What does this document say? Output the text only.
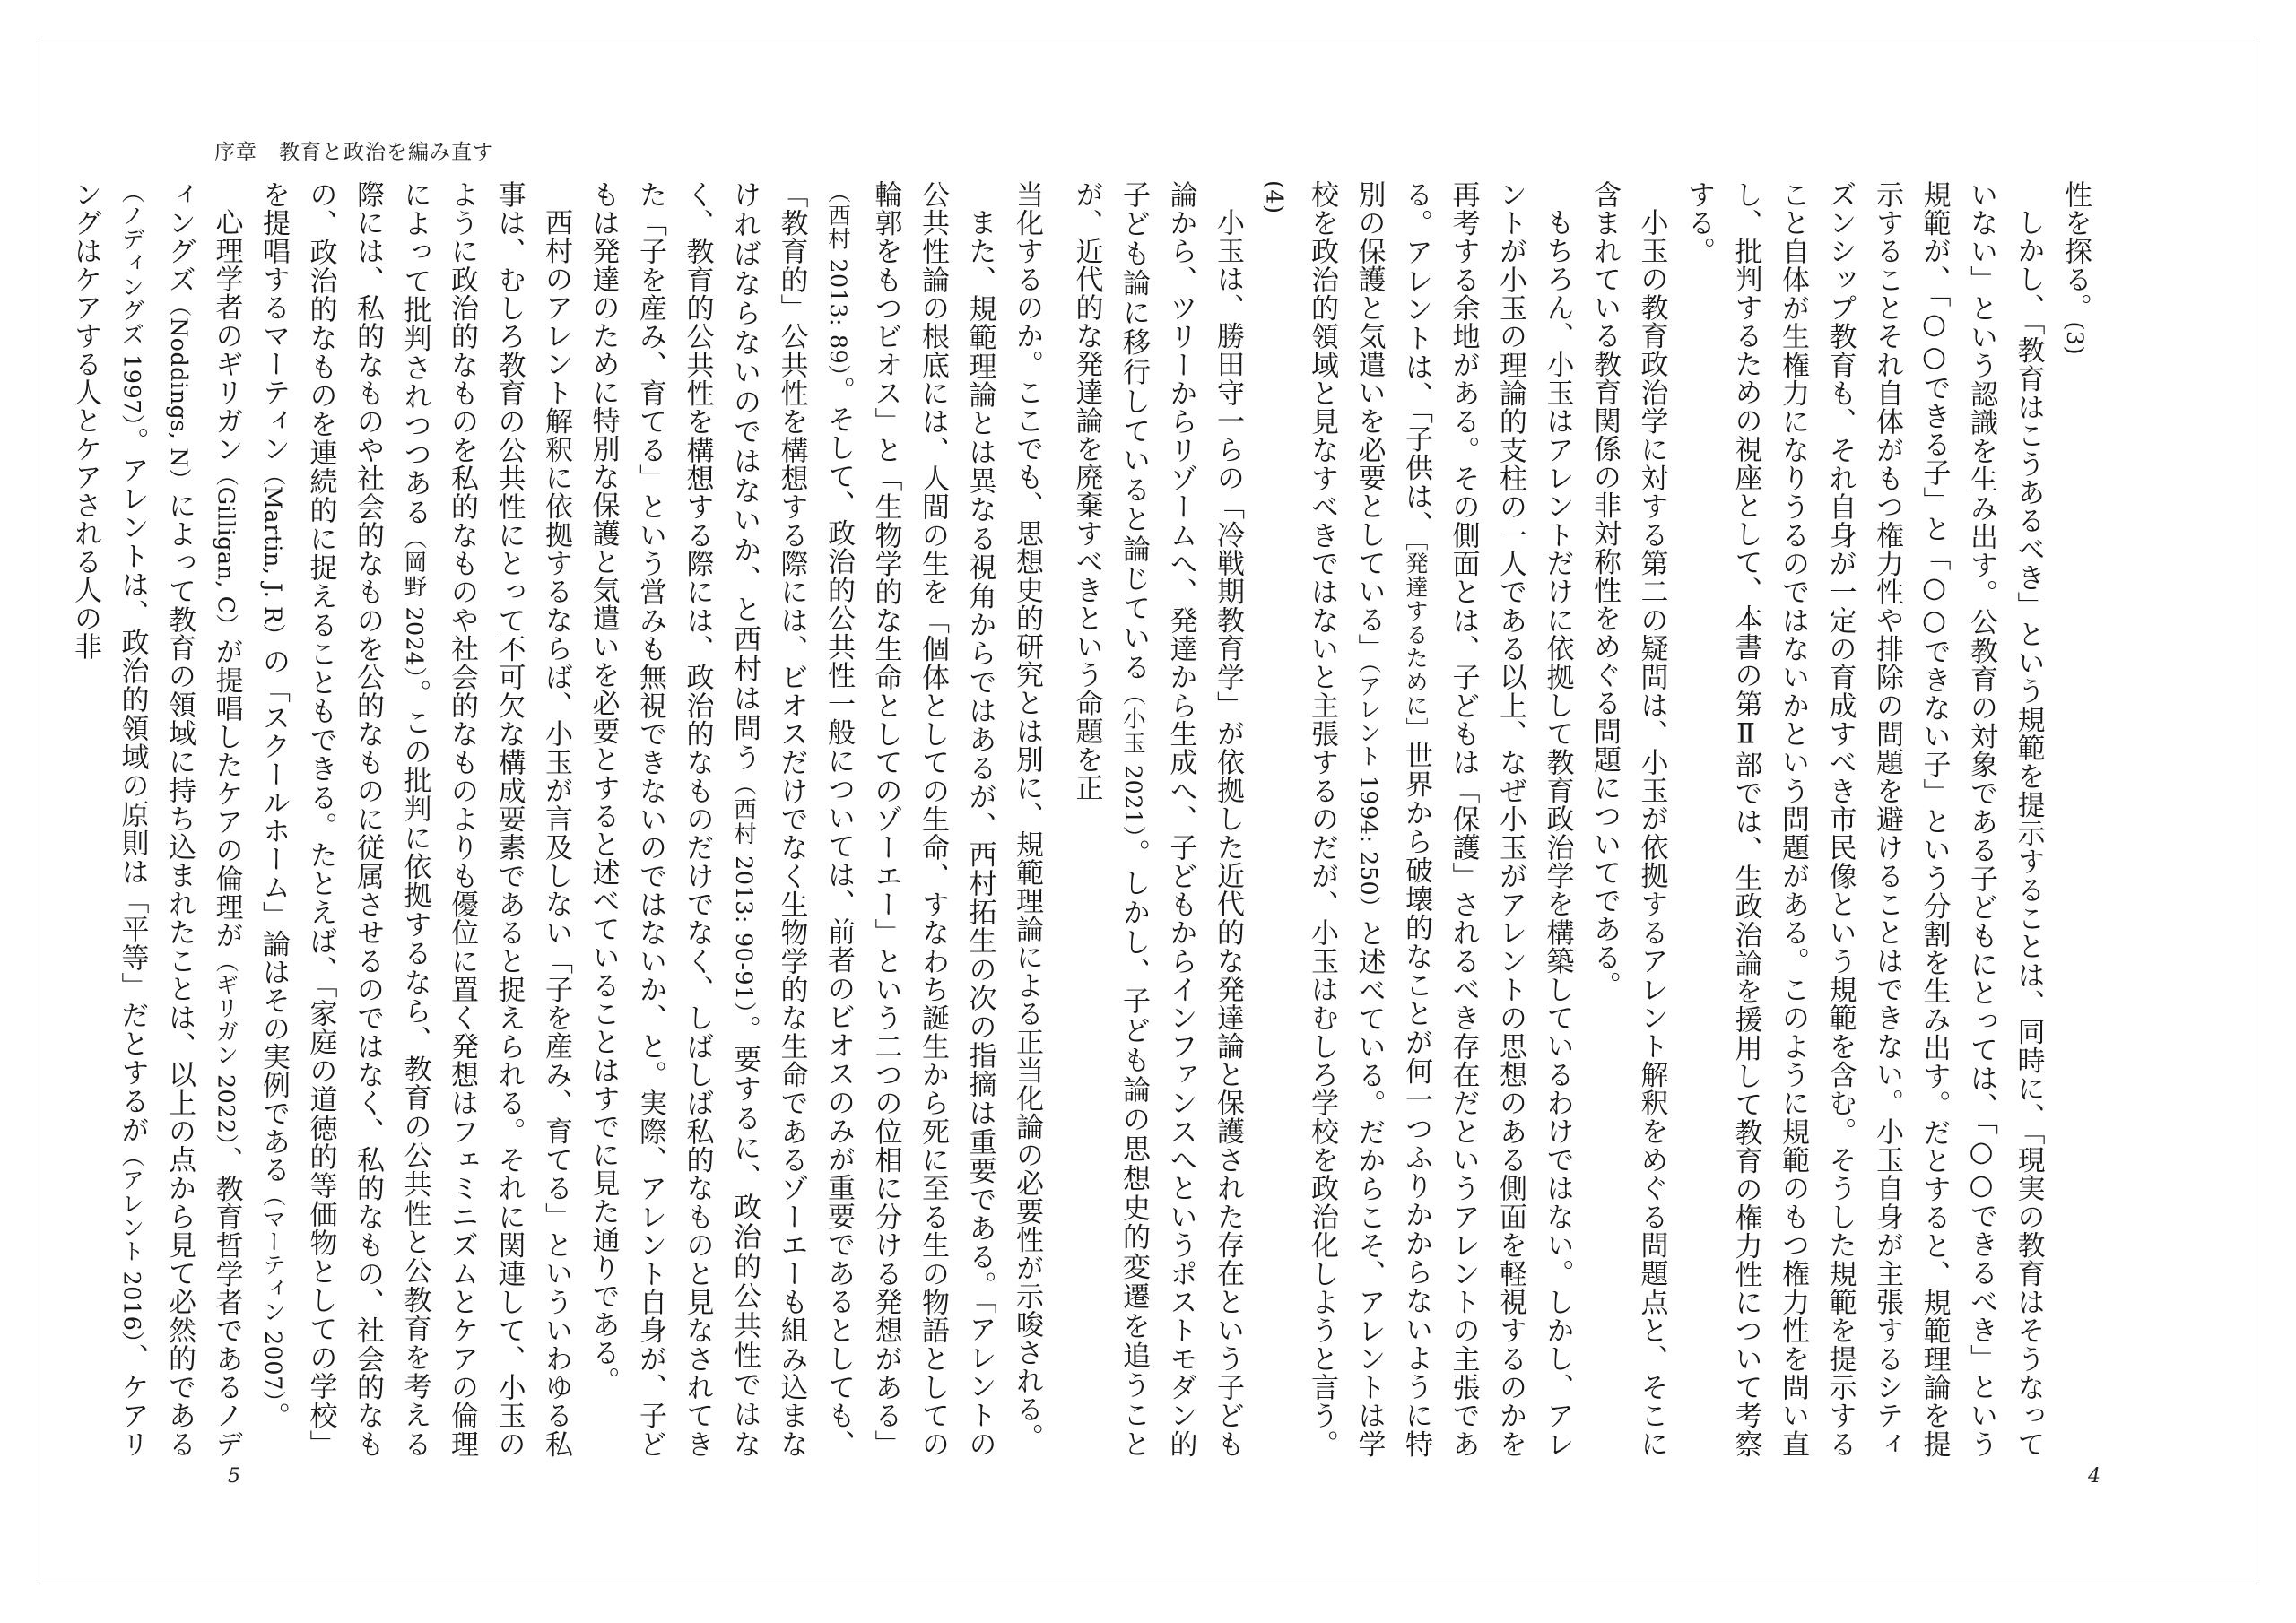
序章　教育と政治を編み直す

当化するのか。ここでも、思想史的研究とは別に、規範理論による正当化論の必要性が示唆される。

また、規範理論とは異なる視角からではあるが、西村拓生の次の指摘は重要である。「アレントの公共性論の根底には、人間の生を「個体としての生命、すなわち誕生から死に至る生の物語としての輪郭をもつビオス」と「生物学的な生命としてのゾーエー」という二つの位相に分ける発想がある」（西村 2013: 89）。そして、政治的公共性一般については、前者のビオスのみが重要であるとしても、「教育的」公共性を構想する際には、ビオスだけでなく生物学的な生命であるゾーエーも組み込まなければならないのではないか、と西村は問う（西村 2013: 90-91）。要するに、政治的公共性ではなく、教育的公共性を構想する際には、政治的なものだけでなく、しばしば私的なものと見なされてきた「子を産み、育てる」という営みも無視できないのではないか、と。実際、アレント自身が、子どもは発達のために特別な保護と気遣いを必要とすると述べていることはすでに見た通りである。

西村のアレント解釈に依拠するならば、小玉が言及しない「子を産み、育てる」といういわゆる私事は、むしろ教育の公共性にとって不可欠な構成要素であると捉えられる。それに関連して、小玉のように政治的なものを私的なものや社会的なものよりも優位に置く発想はフェミニズムとケアの倫理によって批判されつつある（岡野 2024）。この批判に依拠するなら、教育の公共性と公教育を考える際には、私的なものや社会的なものを公的なものに従属させるのではなく、私的なもの、社会的なもの、政治的なものを連続的に捉えることもできる。たとえば、「家庭の道徳的等価物としての学校」を提唱するマーティン（Martin, J. R）の「スクールホーム」論はその実例である（マーティン 2007）。

心理学者のギリガン（Gilligan, C）が提唱したケアの倫理が（ギリガン 2022）、教育哲学者であるノディングズ（Noddings, N）によって教育の領域に持ち込まれたことは、以上の点から見て必然的である（ノディングズ 1997）。アレントは、政治的領域の原則は「平等」だとするが（アレント 2016）、ケアリングはケアする人とケアされる人の非

5

性を探る。(3)

しかし、「教育はこうあるべき」という規範を提示することは、同時に、「現実の教育はそうなっていない」という認識を生み出す。公教育の対象である子どもにとっては、「○○できるべき」という規範が、「○○できる子」と「○○できない子」という分割を生み出す。だとすると、規範理論を提示することそれ自体がもつ権力性や排除の問題を避けることはできない。小玉自身が主張するシティズンシップ教育も、それ自身が一定の育成すべき市民像という規範を含む。そうした規範を提示すること自体が生権力になりうるのではないかという問題がある。このように規範のもつ権力性を問い直し、批判するための視座として、本書の第Ⅱ部では、生政治論を援用して教育の権力性について考察する。

小玉の教育政治学に対する第二の疑問は、小玉が依拠するアレント解釈をめぐる問題点と、そこに含まれている教育関係の非対称性をめぐる問題についてである。

もちろん、小玉はアレントだけに依拠して教育政治学を構築しているわけではない。しかし、アレントが小玉の理論的支柱の一人である以上、なぜ小玉がアレントの思想のある側面を軽視するのかを再考する余地がある。その側面とは、子どもは「保護」されるべき存在だというアレントの主張である。アレントは、「子供は、［発達するために］世界から破壊的なことが何一つふりかからないように特別の保護と気遣いを必要としている」（アレント 1994: 250）と述べている。だからこそ、アレントは学校を政治的領域と見なすべきではないと主張するのだが、小玉はむしろ学校を政治化しようと言う。(4)

小玉は、勝田守一らの「冷戦期教育学」が依拠した近代的な発達論と保護された存在という子ども論から、ツリーからリゾームへ、発達から生成へ、子どもからインファンスへというポストモダン的子ども論に移行していると論じている（小玉 2021）。しかし、子ども論の思想史的変遷を追うことが、近代的な発達論を廃棄すべきという命題を正

4
